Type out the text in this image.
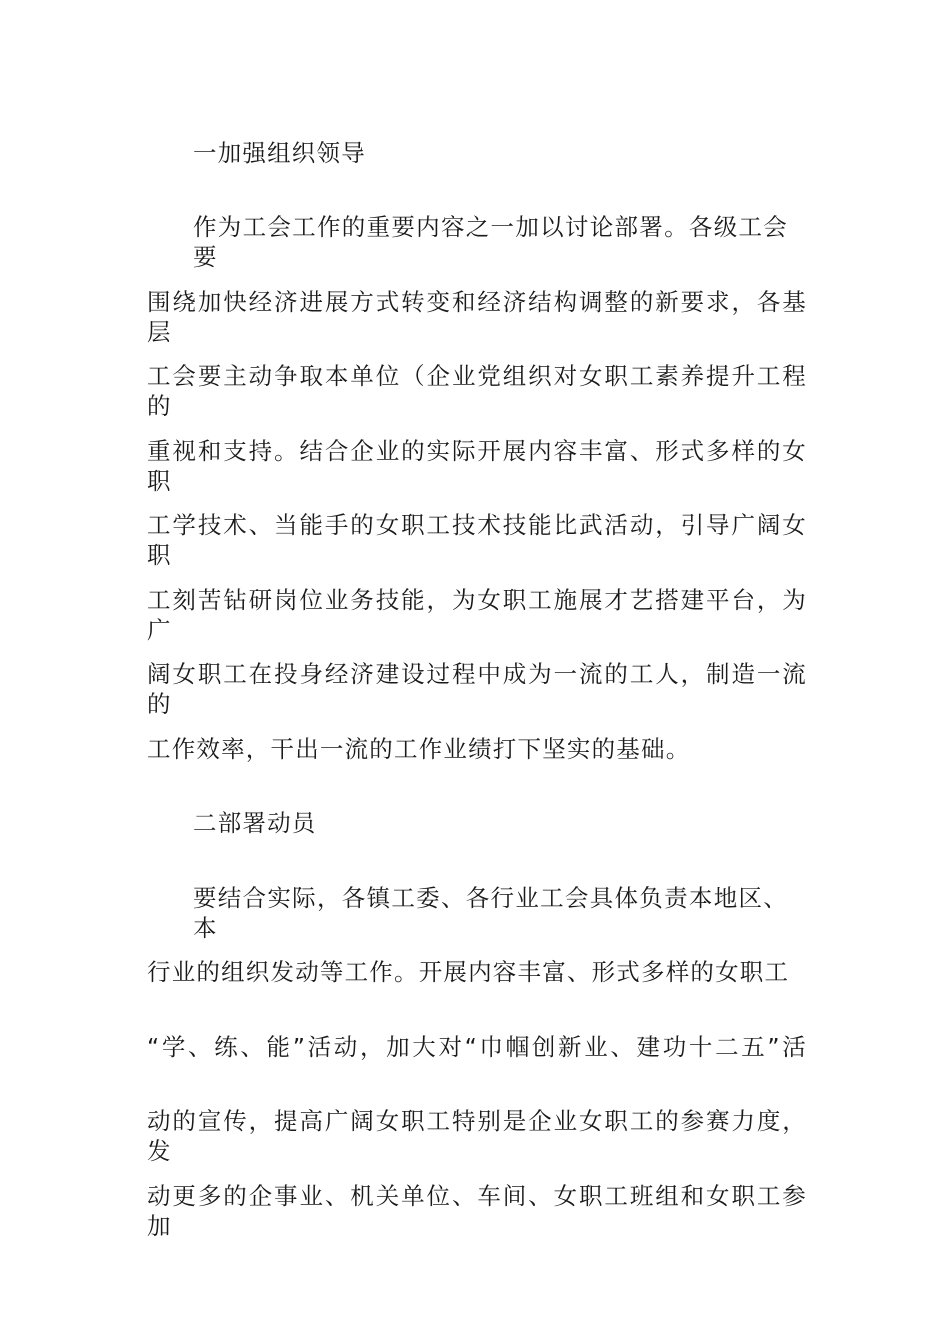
一加强组织领导
作为工会工作的重要内容之一加以讨论部署。各级工会要
围绕加快经济进展方式转变和经济结构调整的新要求，各基层
工会要主动争取本单位（企业党组织对女职工素养提升工程的
重视和支持。结合企业的实际开展内容丰富、形式多样的女职
工学技术、当能手的女职工技术技能比武活动，引导广阔女职
工刻苦钻研岗位业务技能，为女职工施展才艺搭建平台，为广
阔女职工在投身经济建设过程中成为一流的工人，制造一流的
工作效率，干出一流的工作业绩打下坚实的基础。
二部署动员
要结合实际，各镇工委、各行业工会具体负责本地区、本
行业的组织发动等工作。开展内容丰富、形式多样的女职工
“学、练、能”活动，加大对“巾帼创新业、建功十二五”活
动的宣传，提高广阔女职工特别是企业女职工的参赛力度，发
动更多的企事业、机关单位、车间、女职工班组和女职工参加
